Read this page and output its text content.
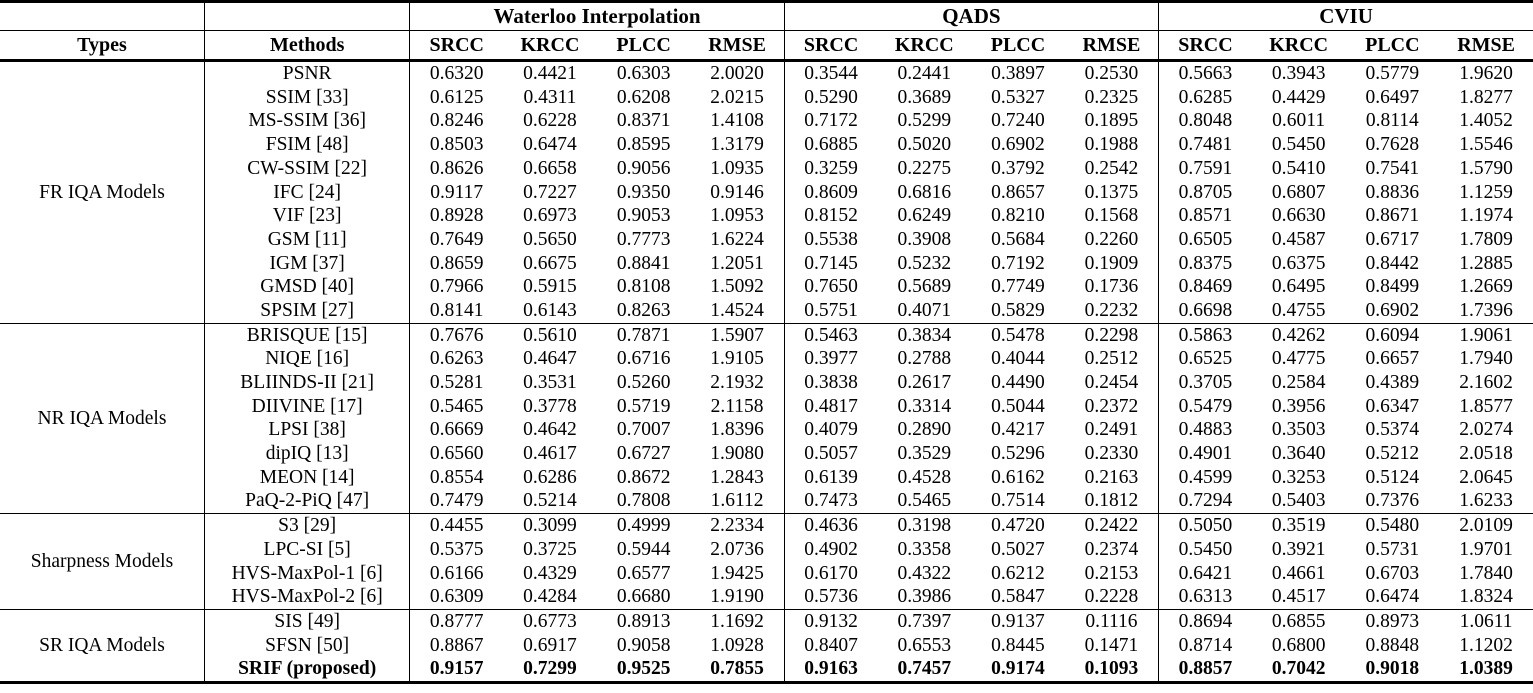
		Waterloo Interpolation				QADS				CVIU			
Types	Methods	SRCC	KRCC	PLCC	RMSE	SRCC	KRCC	PLCC	RMSE	SRCC	KRCC	PLCC	RMSE
FR IQA Models	PSNR	0.6320	0.4421	0.6303	2.0020	0.3544	0.2441	0.3897	0.2530	0.5663	0.3943	0.5779	1.9620
	SSIM [33]	0.6125	0.4311	0.6208	2.0215	0.5290	0.3689	0.5327	0.2325	0.6285	0.4429	0.6497	1.8277
	MS-SSIM [36]	0.8246	0.6228	0.8371	1.4108	0.7172	0.5299	0.7240	0.1895	0.8048	0.6011	0.8114	1.4052
	FSIM [48]	0.8503	0.6474	0.8595	1.3179	0.6885	0.5020	0.6902	0.1988	0.7481	0.5450	0.7628	1.5546
	CW-SSIM [22]	0.8626	0.6658	0.9056	1.0935	0.3259	0.2275	0.3792	0.2542	0.7591	0.5410	0.7541	1.5790
	IFC [24]	0.9117	0.7227	0.9350	0.9146	0.8609	0.6816	0.8657	0.1375	0.8705	0.6807	0.8836	1.1259
	VIF [23]	0.8928	0.6973	0.9053	1.0953	0.8152	0.6249	0.8210	0.1568	0.8571	0.6630	0.8671	1.1974
	GSM [11]	0.7649	0.5650	0.7773	1.6224	0.5538	0.3908	0.5684	0.2260	0.6505	0.4587	0.6717	1.7809
	IGM [37]	0.8659	0.6675	0.8841	1.2051	0.7145	0.5232	0.7192	0.1909	0.8375	0.6375	0.8442	1.2885
	GMSD [40]	0.7966	0.5915	0.8108	1.5092	0.7650	0.5689	0.7749	0.1736	0.8469	0.6495	0.8499	1.2669
	SPSIM [27]	0.8141	0.6143	0.8263	1.4524	0.5751	0.4071	0.5829	0.2232	0.6698	0.4755	0.6902	1.7396
NR IQA Models	BRISQUE [15]	0.7676	0.5610	0.7871	1.5907	0.5463	0.3834	0.5478	0.2298	0.5863	0.4262	0.6094	1.9061
	NIQE [16]	0.6263	0.4647	0.6716	1.9105	0.3977	0.2788	0.4044	0.2512	0.6525	0.4775	0.6657	1.7940
	BLIINDS-II [21]	0.5281	0.3531	0.5260	2.1932	0.3838	0.2617	0.4490	0.2454	0.3705	0.2584	0.4389	2.1602
	DIIVINE [17]	0.5465	0.3778	0.5719	2.1158	0.4817	0.3314	0.5044	0.2372	0.5479	0.3956	0.6347	1.8577
	LPSI [38]	0.6669	0.4642	0.7007	1.8396	0.4079	0.2890	0.4217	0.2491	0.4883	0.3503	0.5374	2.0274
	dipIQ [13]	0.6560	0.4617	0.6727	1.9080	0.5057	0.3529	0.5296	0.2330	0.4901	0.3640	0.5212	2.0518
	MEON [14]	0.8554	0.6286	0.8672	1.2843	0.6139	0.4528	0.6162	0.2163	0.4599	0.3253	0.5124	2.0645
	PaQ-2-PiQ [47]	0.7479	0.5214	0.7808	1.6112	0.7473	0.5465	0.7514	0.1812	0.7294	0.5403	0.7376	1.6233
Sharpness Models	S3 [29]	0.4455	0.3099	0.4999	2.2334	0.4636	0.3198	0.4720	0.2422	0.5050	0.3519	0.5480	2.0109
	LPC-SI [5]	0.5375	0.3725	0.5944	2.0736	0.4902	0.3358	0.5027	0.2374	0.5450	0.3921	0.5731	1.9701
	HVS-MaxPol-1 [6]	0.6166	0.4329	0.6577	1.9425	0.6170	0.4322	0.6212	0.2153	0.6421	0.4661	0.6703	1.7840
	HVS-MaxPol-2 [6]	0.6309	0.4284	0.6680	1.9190	0.5736	0.3986	0.5847	0.2228	0.6313	0.4517	0.6474	1.8324
SR IQA Models	SIS [49]	0.8777	0.6773	0.8913	1.1692	0.9132	0.7397	0.9137	0.1116	0.8694	0.6855	0.8973	1.0611
	SFSN [50]	0.8867	0.6917	0.9058	1.0928	0.8407	0.6553	0.8445	0.1471	0.8714	0.6800	0.8848	1.1202
	SRIF (proposed)	0.9157	0.7299	0.9525	0.7855	0.9163	0.7457	0.9174	0.1093	0.8857	0.7042	0.9018	1.0389
